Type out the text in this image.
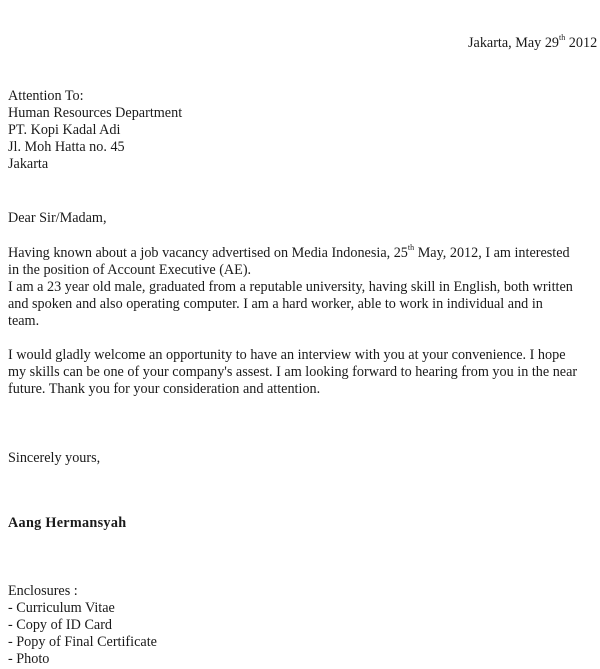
Jakarta, May 29th 2012
Attention To:
Human Resources Department
PT. Kopi Kadal Adi
Jl. Moh Hatta no. 45
Jakarta
Dear Sir/Madam,
Having known about a job vacancy advertised on Media Indonesia, 25th May, 2012, I am interested
in the position of Account Executive (AE).
I am a 23 year old male, graduated from a reputable university, having skill in English, both written
and spoken and also operating computer. I am a hard worker, able to work in individual and in
team.
I would gladly welcome an opportunity to have an interview with you at your convenience. I hope
my skills can be one of your company's assest. I am looking forward to hearing from you in the near
future. Thank you for your consideration and attention.
Sincerely yours,
Aang Hermansyah
Enclosures :
- Curriculum Vitae
- Copy of ID Card
- Popy of Final Certificate
- Photo
